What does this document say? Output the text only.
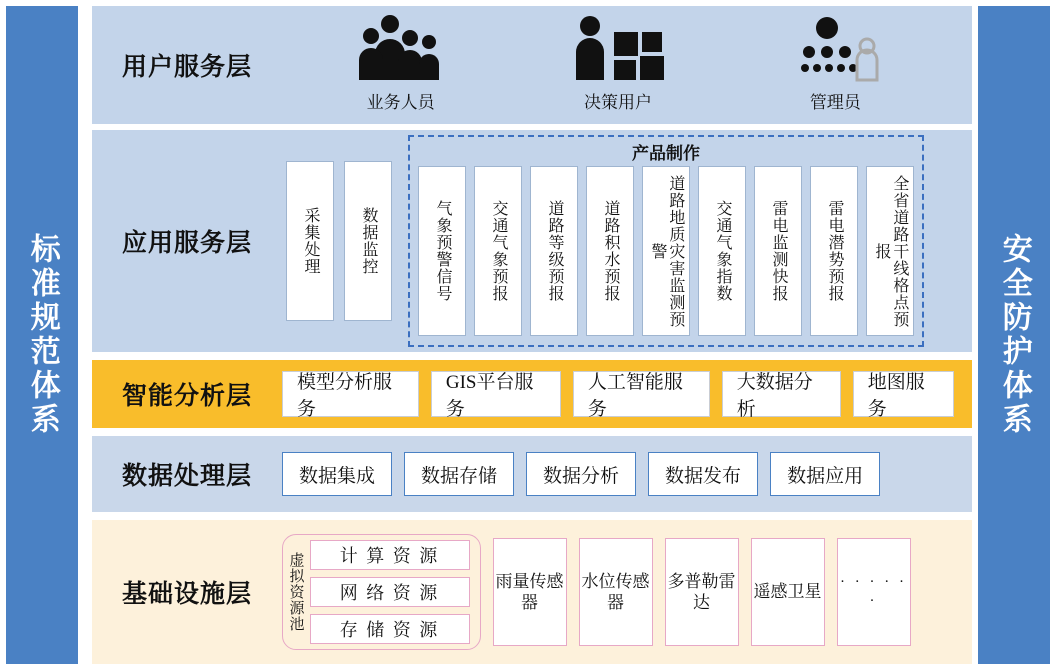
标准规范体系	安全防护体系
用户服务层
业务人员	决策用户	管理员
应用服务层	采集处理	数据监控
产品制作
气象预警信号 交通气象预报 道路等级预报 道路积水预报	道路地质灾害监测预警	交通气象指数 雷电监测快报 雷电潜势预报	全省道路干线格点预报
智能分析层
模型分析服务
GIS平台服务
人工智能服务
大数据分析
地图服务
数据处理层	数据集成 数据存储 数据分析 数据发布 数据应用
基础设施层	虚拟资源池 计 算 资 源
网 络 资 源
存 储 资 源
雨量传感器
水位传感器
多普勒雷达
遥感卫星
· · · · · ·
